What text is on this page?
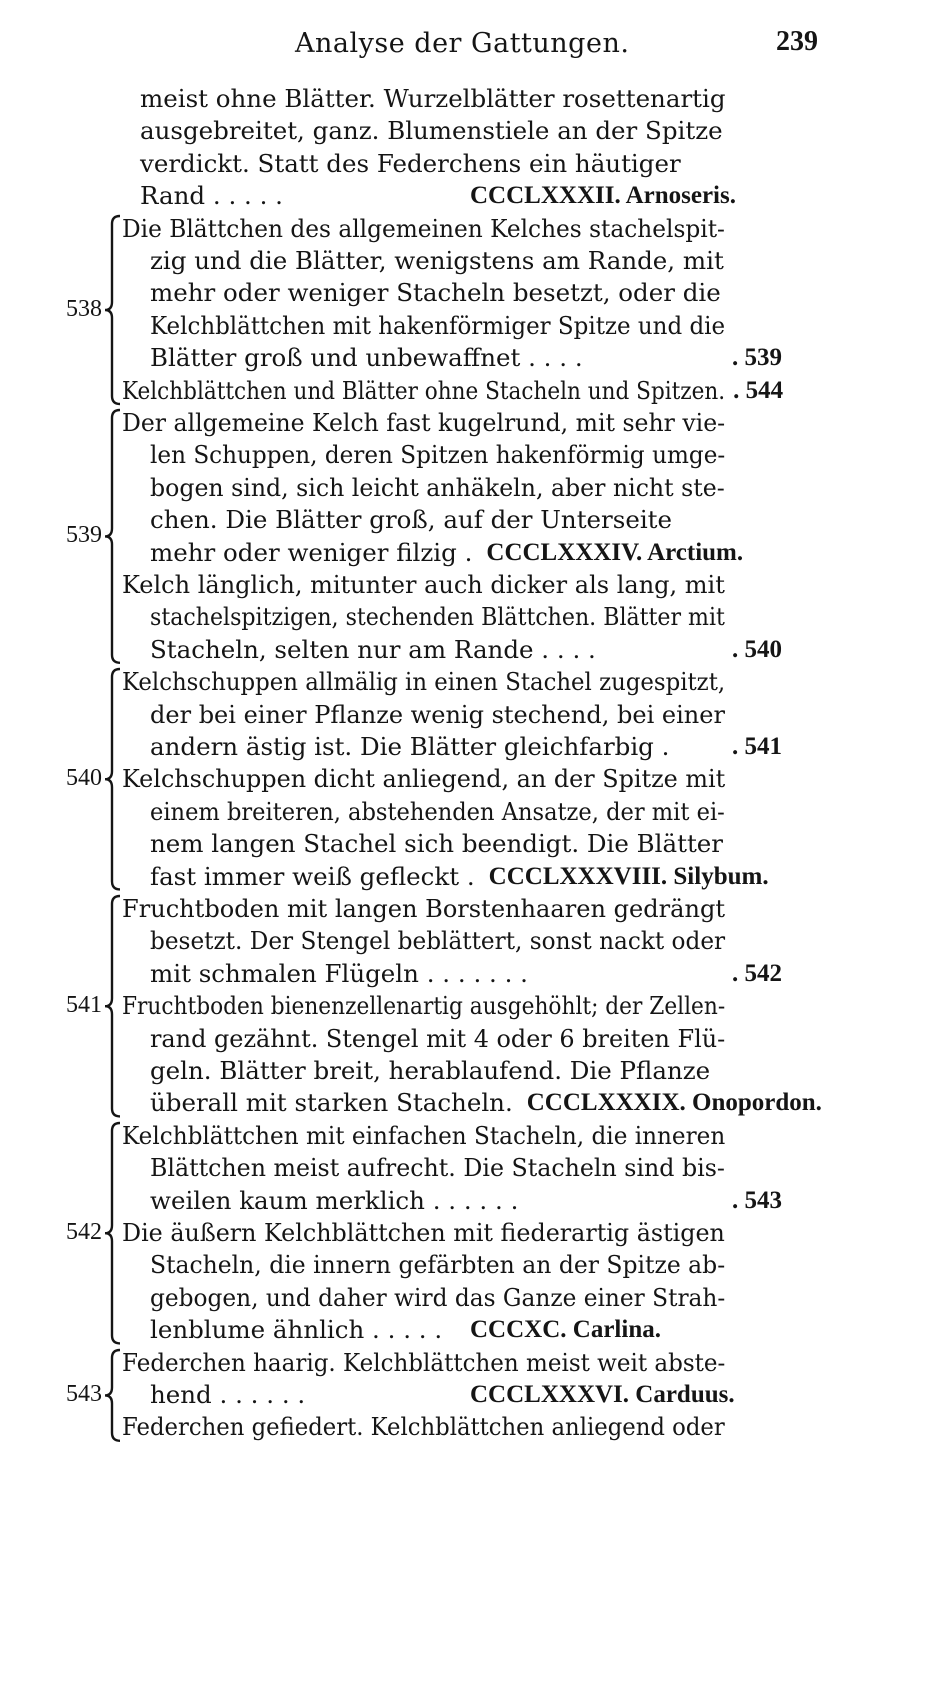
Analyse der Gattungen.	239
meist ohne Blätter. Wurzelblätter rosettenartig
ausgebreitet, ganz. Blumenstiele an der Spitze
verdickt. Statt des Federchens ein häutiger
Rand . . . . .	CCCLXXXII. Arnoseris.
Die Blättchen des allgemeinen Kelches stachelspit-
zig und die Blätter, wenigstens am Rande, mit
mehr oder weniger Stacheln besetzt, oder die
Kelchblättchen mit hakenförmiger Spitze und die
Blätter groß und unbewaffnet . . . .	. 539
Kelchblättchen und Blätter ohne Stacheln und Spitzen. . 544
538
Der allgemeine Kelch fast kugelrund, mit sehr vie-
len Schuppen, deren Spitzen hakenförmig umge-
bogen sind, sich leicht anhäkeln, aber nicht ste-
chen. Die Blätter groß, auf der Unterseite
mehr oder weniger filzig . CCCLXXXIV. Arctium.
Kelch länglich, mitunter auch dicker als lang, mit
stachelspitzigen, stechenden Blättchen. Blätter mit
Stacheln, selten nur am Rande . . . .	. 540
539
Kelchschuppen allmälig in einen Stachel zugespitzt,
der bei einer Pflanze wenig stechend, bei einer
andern ästig ist. Die Blätter gleichfarbig .	. 541
Kelchschuppen dicht anliegend, an der Spitze mit
einem breiteren, abstehenden Ansatze, der mit ei-
nem langen Stachel sich beendigt. Die Blätter
fast immer weiß gefleckt . CCCLXXXVIII. Silybum.
540
Fruchtboden mit langen Borstenhaaren gedrängt
besetzt. Der Stengel beblättert, sonst nackt oder
mit schmalen Flügeln . . . . . . .	. 542
Fruchtboden bienenzellenartig ausgehöhlt; der Zellen-
rand gezähnt. Stengel mit 4 oder 6 breiten Flü-
geln. Blätter breit, herablaufend. Die Pflanze
überall mit starken Stacheln. CCCLXXXIX. Onopordon.
541
Kelchblättchen mit einfachen Stacheln, die inneren
Blättchen meist aufrecht. Die Stacheln sind bis-
weilen kaum merklich . . . . . .	. 543
Die äußern Kelchblättchen mit fiederartig ästigen
Stacheln, die innern gefärbten an der Spitze ab-
gebogen, und daher wird das Ganze einer Strah-
lenblume ähnlich . . . . . CCCXC. Carlina.
542
Federchen haarig. Kelchblättchen meist weit abste-
hend . . . . . .	CCCLXXXVI. Carduus.
Federchen gefiedert. Kelchblättchen anliegend oder
543
